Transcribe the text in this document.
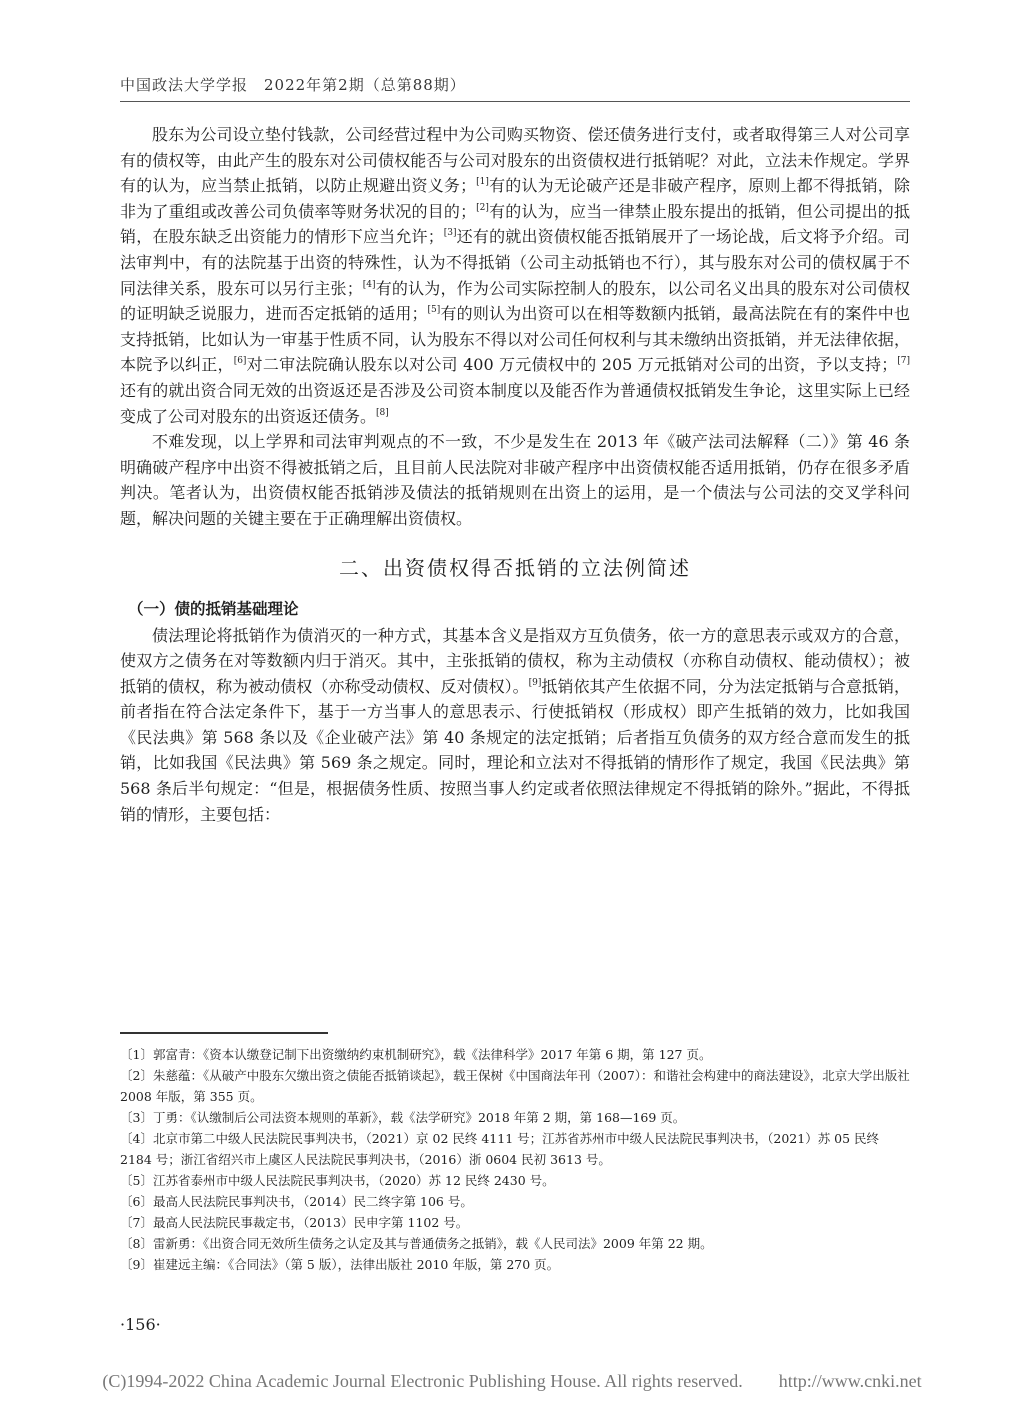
中国政法大学学报　2022年第2期（总第88期）

股东为公司设立垫付钱款，公司经营过程中为公司购买物资、偿还债务进行支付，或者取得第三人对公司享有的债权等，由此产生的股东对公司债权能否与公司对股东的出资债权进行抵销呢？对此，立法未作规定。学界有的认为，应当禁止抵销，以防止规避出资义务；[1]有的认为无论破产还是非破产程序，原则上都不得抵销，除非为了重组或改善公司负债率等财务状况的目的；[2]有的认为，应当一律禁止股东提出的抵销，但公司提出的抵销，在股东缺乏出资能力的情形下应当允许；[3]还有的就出资债权能否抵销展开了一场论战，后文将予介绍。司法审判中，有的法院基于出资的特殊性，认为不得抵销（公司主动抵销也不行），其与股东对公司的债权属于不同法律关系，股东可以另行主张；[4]有的认为，作为公司实际控制人的股东，以公司名义出具的股东对公司债权的证明缺乏说服力，进而否定抵销的适用；[5]有的则认为出资可以在相等数额内抵销，最高法院在有的案件中也支持抵销，比如认为一审基于性质不同，认为股东不得以对公司任何权利与其未缴纳出资抵销，并无法律依据，本院予以纠正，[6]对二审法院确认股东以对公司 400 万元债权中的 205 万元抵销对公司的出资，予以支持；[7]还有的就出资合同无效的出资返还是否涉及公司资本制度以及能否作为普通债权抵销发生争论，这里实际上已经变成了公司对股东的出资返还债务。[8]

不难发现，以上学界和司法审判观点的不一致，不少是发生在 2013 年《破产法司法解释（二）》第 46 条明确破产程序中出资不得被抵销之后，且目前人民法院对非破产程序中出资债权能否适用抵销，仍存在很多矛盾判决。笔者认为，出资债权能否抵销涉及债法的抵销规则在出资上的运用，是一个债法与公司法的交叉学科问题，解决问题的关键主要在于正确理解出资债权。

二、出资债权得否抵销的立法例简述
（一）债的抵销基础理论

债法理论将抵销作为债消灭的一种方式，其基本含义是指双方互负债务，依一方的意思表示或双方的合意，使双方之债务在对等数额内归于消灭。其中，主张抵销的债权，称为主动债权（亦称自动债权、能动债权）；被抵销的债权，称为被动债权（亦称受动债权、反对债权）。[9]抵销依其产生依据不同，分为法定抵销与合意抵销，前者指在符合法定条件下，基于一方当事人的意思表示、行使抵销权（形成权）即产生抵销的效力，比如我国《民法典》第 568 条以及《企业破产法》第 40 条规定的法定抵销；后者指互负债务的双方经合意而发生的抵销，比如我国《民法典》第 569 条之规定。同时，理论和立法对不得抵销的情形作了规定，我国《民法典》第 568 条后半句规定：“但是，根据债务性质、按照当事人约定或者依照法律规定不得抵销的除外。”据此，不得抵销的情形，主要包括：

〔1〕郭富青：《资本认缴登记制下出资缴纳约束机制研究》，载《法律科学》2017 年第 6 期，第 127 页。
〔2〕朱慈蕴：《从破产中股东欠缴出资之债能否抵销谈起》，载王保树《中国商法年刊（2007）：和谐社会构建中的商法建设》，北京大学出版社 2008 年版，第 355 页。
〔3〕丁勇：《认缴制后公司法资本规则的革新》，载《法学研究》2018 年第 2 期，第 168—169 页。
〔4〕北京市第二中级人民法院民事判决书，（2021）京 02 民终 4111 号；江苏省苏州市中级人民法院民事判决书，（2021）苏 05 民终 2184 号；浙江省绍兴市上虞区人民法院民事判决书，（2016）浙 0604 民初 3613 号。
〔5〕江苏省泰州市中级人民法院民事判决书，（2020）苏 12 民终 2430 号。
〔6〕最高人民法院民事判决书，（2014）民二终字第 106 号。
〔7〕最高人民法院民事裁定书，（2013）民申字第 1102 号。
〔8〕雷新勇：《出资合同无效所生债务之认定及其与普通债务之抵销》，载《人民司法》2009 年第 22 期。
〔9〕崔建远主编：《合同法》（第 5 版），法律出版社 2010 年版，第 270 页。
·156·
(C)1994-2022 China Academic Journal Electronic Publishing House. All rights reserved.　　http://www.cnki.net
